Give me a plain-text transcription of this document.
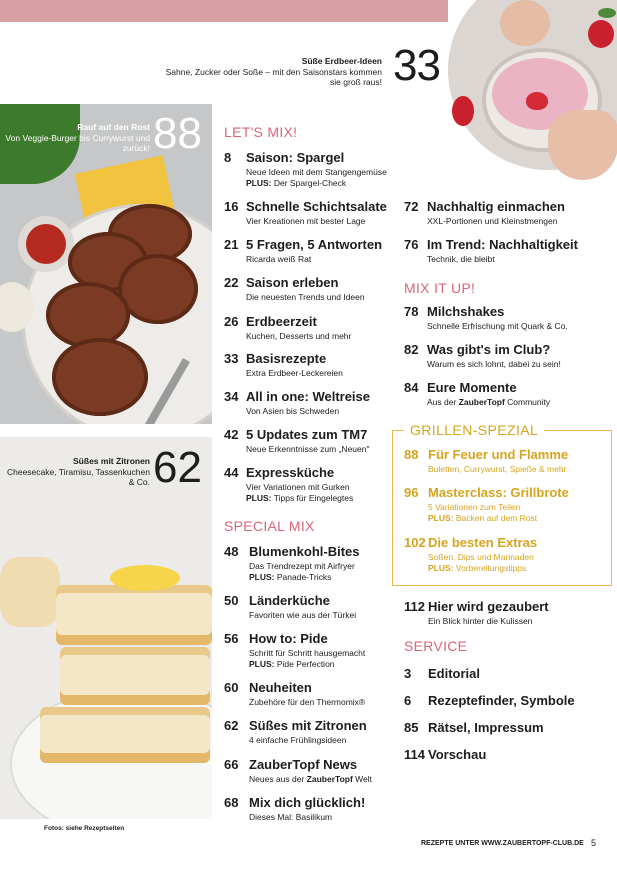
Süße Erdbeer-Ideen
Sahne, Zucker oder Soße – mit den Saisonstars kommen sie groß raus! 33
Rauf auf den Rost
Von Veggie-Burger bis Currywurst und zurück! 88
Süßes mit Zitronen
Cheesecake, Tiramisu, Tassenkuchen & Co. 62
Fotos: siehe Rezeptseiten
LET'S MIX!
SPECIAL MIX
MIX IT UP!
GRILLEN-SPEZIAL
SERVICE
8 Saison: Spargel
Neue Ideen mit dem Stangengemüse
PLUS: Der Spargel-Check
16 Schnelle Schichtsalate
Vier Kreationen mit bester Lage
21 5 Fragen, 5 Antworten
Ricarda weiß Rat
22 Saison erleben
Die neuesten Trends und Ideen
26 Erdbeerzeit
Kuchen, Desserts und mehr
33 Basisrezepte
Extra Erdbeer-Leckereien
34 All in one: Weltreise
Von Asien bis Schweden
42 5 Updates zum TM7
Neue Erkenntnisse zum „Neuen"
44 Expressküche
Vier Variationen mit Gurken
PLUS: Tipps für Eingelegtes
48 Blumenkohl-Bites
Das Trendrezept mit Airfryer
PLUS: Panade-Tricks
50 Länderküche
Favoriten wie aus der Türkei
56 How to: Pide
Schritt für Schritt hausgemacht
PLUS: Pide Perfection
60 Neuheiten
Zubehöre für den Thermomix®
62 Süßes mit Zitronen
4 einfache Frühlingsideen
66 ZauberTopf News
Neues aus der ZauberTopf Welt
68 Mix dich glücklich!
Dieses Mal: Basilikum
72 Nachhaltig einmachen
XXL-Portionen und Kleinstmengen
76 Im Trend: Nachhaltigkeit
Technik, die bleibt
78 Milchshakes
Schnelle Erfrischung mit Quark & Co.
82 Was gibt's im Club?
Warum es sich lohnt, dabei zu sein!
84 Eure Momente
Aus der ZauberTopf Community
88 Für Feuer und Flamme
Buletten, Currywurst, Spieße & mehr
96 Masterclass: Grillbrote
5 Variationen zum Teilen
PLUS: Backen auf dem Rost
102 Die besten Extras
Soßen, Dips und Marinaden
PLUS: Vorbereitungstipps
112 Hier wird gezaubert
Ein Blick hinter die Kulissen
3 Editorial
6 Rezeptefinder, Symbole
85 Rätsel, Impressum
114 Vorschau
REZEPTE UNTER WWW.ZAUBERTOPF-CLUB.DE 5
